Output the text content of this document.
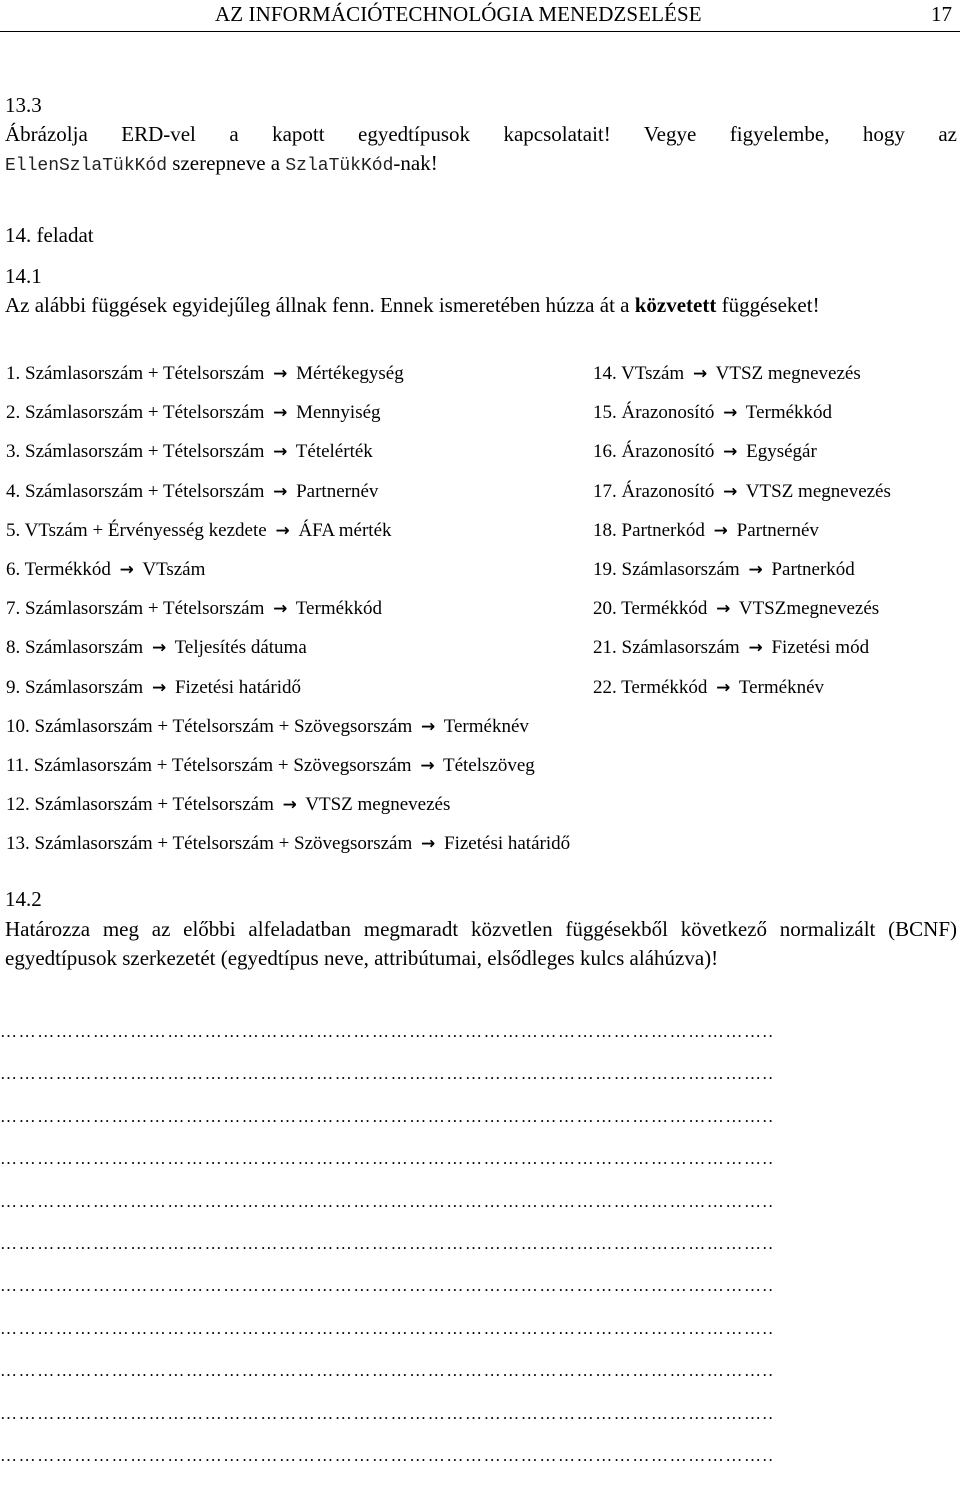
AZ INFORMÁCIÓTECHNOLÓGIA MENEDZSELÉSE	17
13.3
Ábrázolja ERD-vel a kapott egyedtípusok kapcsolatait! Vegye figyelembe, hogy az
EllenSzlaTükKód szerepneve a SzlaTükKód-nak!
14. feladat
14.1
Az alábbi függések egyidejűleg állnak fenn. Ennek ismeretében húzza át a közvetett függéseket!
1. Számlasorszám + Tételsorszám → Mértékegység
2. Számlasorszám + Tételsorszám → Mennyiség
3. Számlasorszám + Tételsorszám → Tételérték
4. Számlasorszám + Tételsorszám → Partnernév
5. VTszám + Érvényesség kezdete → ÁFA mérték
6. Termékkód → VTszám
7. Számlasorszám + Tételsorszám → Termékkód
8. Számlasorszám → Teljesítés dátuma
9. Számlasorszám → Fizetési határidő
10. Számlasorszám + Tételsorszám + Szövegsorszám → Terméknév
11. Számlasorszám + Tételsorszám + Szövegsorszám → Tételszöveg
12. Számlasorszám + Tételsorszám → VTSZ megnevezés
13. Számlasorszám + Tételsorszám + Szövegsorszám → Fizetési határidő
14. VTszám → VTSZ megnevezés
15. Árazonosító → Termékkód
16. Árazonosító → Egységár
17. Árazonosító → VTSZ megnevezés
18. Partnerkód → Partnernév
19. Számlasorszám → Partnerkód
20. Termékkód → VTSZmegnevezés
21. Számlasorszám → Fizetési mód
22. Termékkód → Terméknév
14.2
Határozza meg az előbbi alfeladatban megmaradt közvetlen függésekből következő normalizált (BCNF) egyedtípusok szerkezetét (egyedtípus neve, attribútumai, elsődleges kulcs aláhúzva)!
……………………………………………………………………………………………………………..
……………………………………………………………………………………………………………..
……………………………………………………………………………………………………………..
……………………………………………………………………………………………………………..
……………………………………………………………………………………………………………..
……………………………………………………………………………………………………………..
……………………………………………………………………………………………………………..
……………………………………………………………………………………………………………..
……………………………………………………………………………………………………………..
……………………………………………………………………………………………………………..
……………………………………………………………………………………………………………..
